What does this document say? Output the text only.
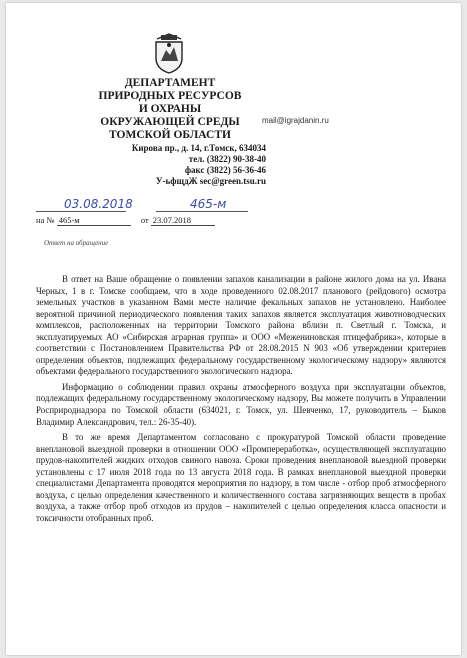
ДЕПАРТАМЕНТ
ПРИРОДНЫХ РЕСУРСОВ
И ОХРАНЫ
ОКРУЖАЮЩЕЙ СРЕДЫ
ТОМСКОЙ ОБЛАСТИ
Кирова пр., д. 14, г.Томск, 634034
тел. (3822) 90-38-40
факс (3822) 56-36-46
У-ьфщдЖ sec@green.tsu.ru
mail@igrajdanin.ru
03.08.2018	465-м
на № 465-м	от 23.07.2018
Ответ на обращение

В ответ на Ваше обращение о появлении запахов канализации в районе жилого дома на ул. Ивана Черных, 1 в г. Томске сообщаем, что в ходе проведенного 02.08.2017 планового (рейдового) осмотра земельных участков в указанном Вами месте наличие фекальных запахов не установлено. Наиболее вероятной причиной периодического появления таких запахов является эксплуатация животноводческих комплексов, расположенных на территории Томского района вблизи п. Светлый г. Томска, и эксплуатируемых АО «Сибирская аграрная группа» и ООО «Межениновская птицефабрика», которые в соответствии с Постановлением Правительства РФ от 28.08.2015 N 903 «Об утверждении критериев определения объектов, подлежащих федеральному государственному экологическому надзору» являются объектами федерального государственного экологического надзора.

Информацию о соблюдении правил охраны атмосферного воздуха при эксплуатации объектов, подлежащих федеральному государственному экологическому надзору, Вы можете получить в Управлении Росприроднадзора по Томской области (634021, г. Томск, ул. Шевченко, 17, руководитель – Быков Владимир Александрович, тел.: 26-35-40).

В то же время Департаментом согласовано с прокуратурой Томской области проведение внеплановой выездной проверки в отношении ООО «Промпереработка», осуществляющей эксплуатацию прудов-накопителей жидких отходов свиного навоза. Сроки проведения внеплановой выездной проверки установлены с 17 июля 2018 года по 13 августа 2018 года. В рамках внеплановой выездной проверки специалистами Департамента проводятся мероприятия по надзору, в том числе - отбор проб атмосферного воздуха, с целью определения качественного и количественного состава загрязняющих веществ в пробах воздуха, а также отбор проб отходов из прудов – накопителей с целью определения класса опасности и токсичности отобранных проб.
